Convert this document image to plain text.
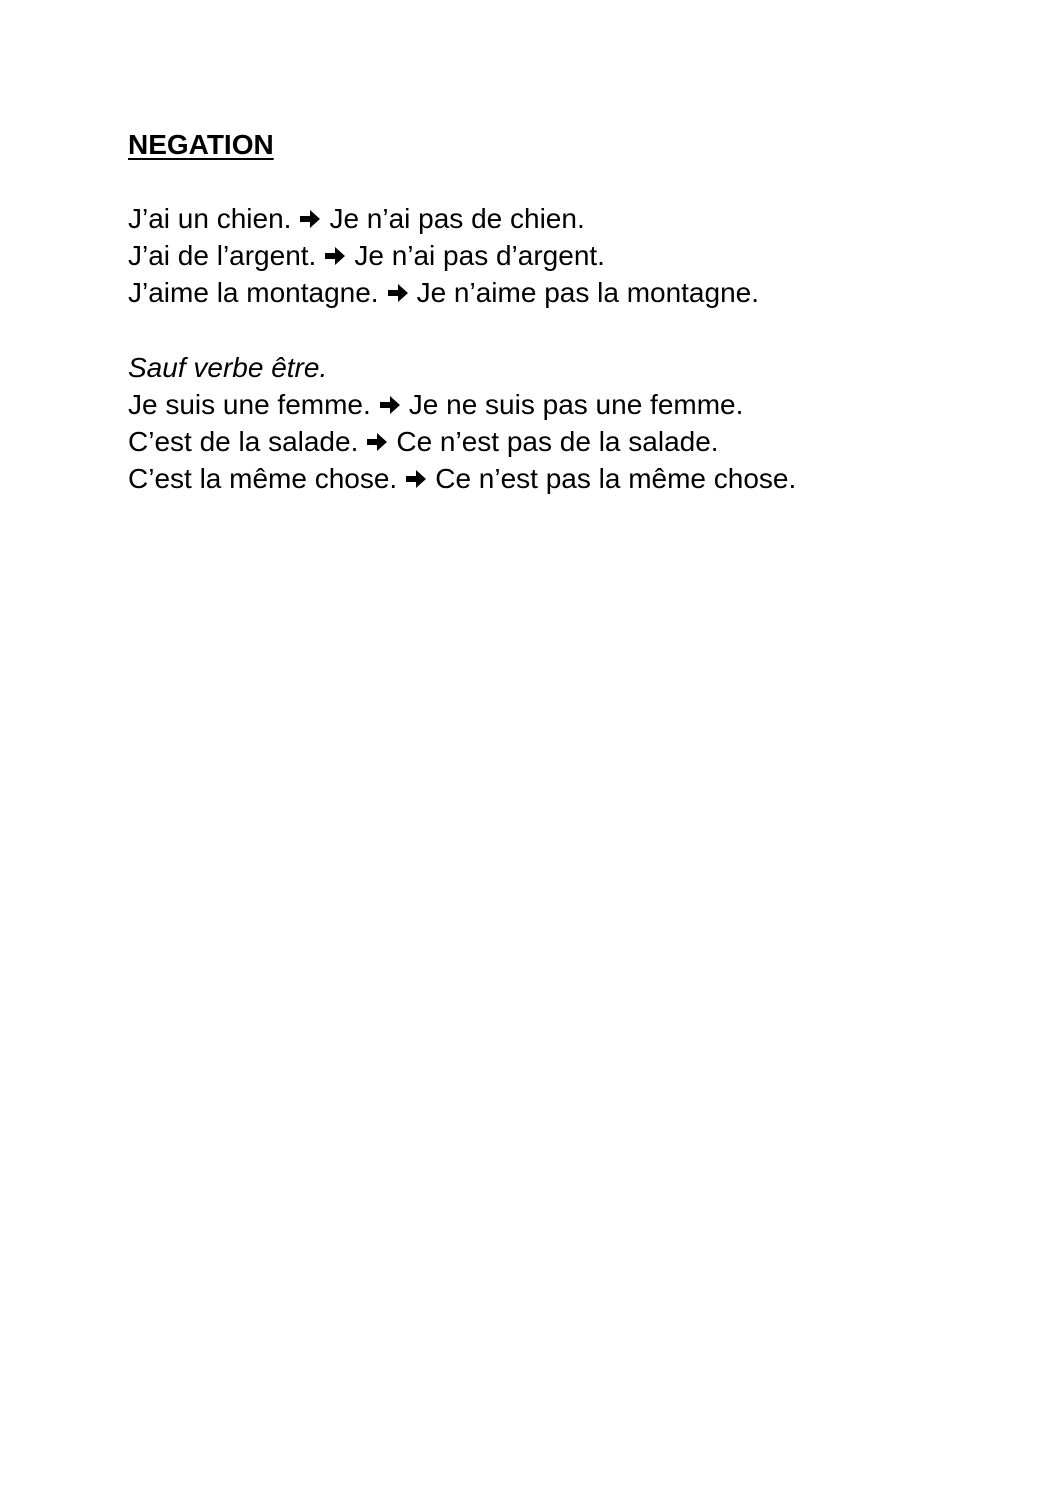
NEGATION
J’ai un chien. Je n’ai pas de chien.
J’ai de l’argent. Je n’ai pas d’argent.
J’aime la montagne. Je n’aime pas la montagne.
Sauf verbe être.
Je suis une femme. Je ne suis pas une femme.
C’est de la salade. Ce n’est pas de la salade.
C’est la même chose. Ce n’est pas la même chose.
